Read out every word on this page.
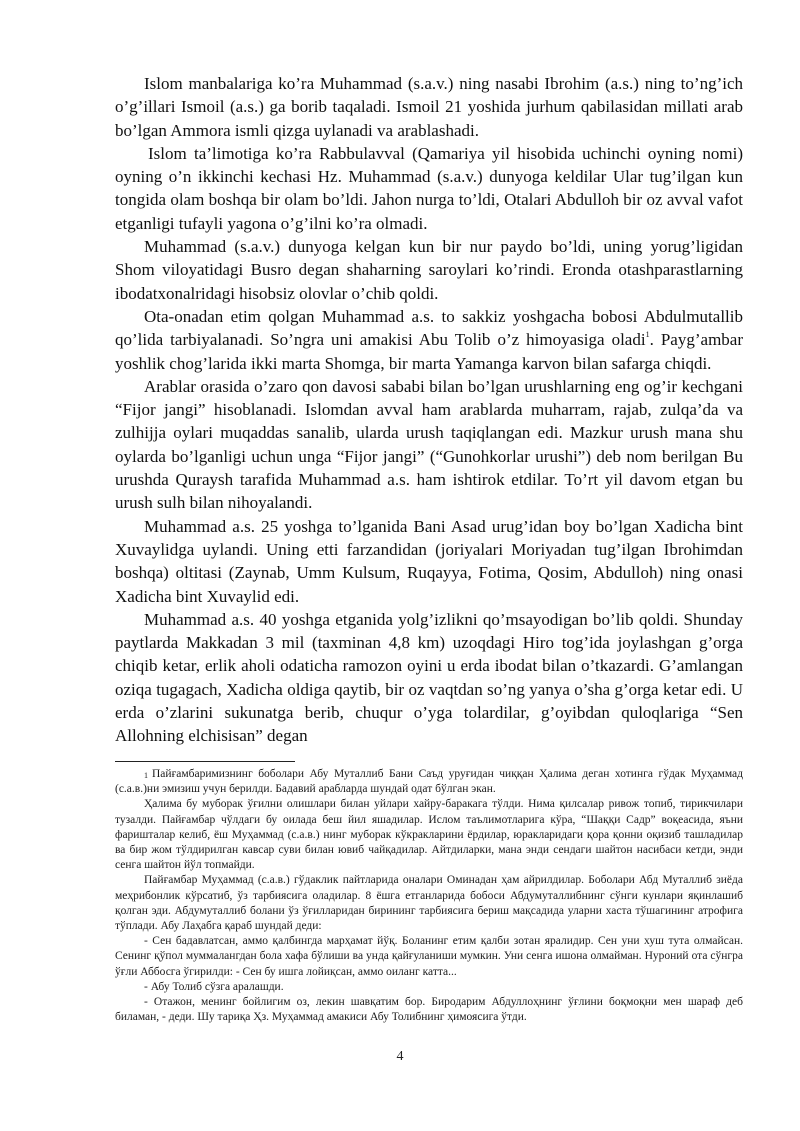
Islom manbalariga ko’ra Muhammad (s.a.v.) ning nasabi Ibrohim (a.s.) ning to’ng’ich o’g’illari Ismoil (a.s.) ga borib taqaladi. Ismoil 21 yoshida jurhum qabilasidan millati arab bo’lgan Ammora ismli qizga uylanadi va arablashadi.

Islom ta’limotiga ko’ra Rabbulavval (Qamariya yil hisobida uchinchi oyning nomi) oyning o’n ikkinchi kechasi Hz. Muhammad (s.a.v.) dunyoga keldilar Ular tug’ilgan kun tongida olam boshqa bir olam bo’ldi. Jahon nurga to’ldi, Otalari Abdulloh bir oz avval vafot etganligi tufayli yagona o’g’ilni ko’ra olmadi.

Muhammad (s.a.v.) dunyoga kelgan kun bir nur paydo bo’ldi, uning yorug’ligidan Shom viloyatidagi Busro degan shaharning saroylari ko’rindi. Eronda otashparastlarning ibodatxonalridagi hisobsiz olovlar o’chib qoldi.

Ota-onadan etim qolgan Muhammad a.s. to sakkiz yoshgacha bobosi Abdulmutallib qo’lida tarbiyalanadi. So’ngra uni amakisi Abu Tolib o’z himoyasiga oladi$^1$. Payg’ambar yoshlik chog’larida ikki marta Shomga, bir marta Yamanga karvon bilan safarga chiqdi.

Arablar orasida o’zaro qon davosi sababi bilan bo’lgan urushlarning eng og’ir kechgani “Fijor jangi” hisoblanadi. Islomdan avval ham arablarda muharram, rajab, zulqa’da va zulhijja oylari muqaddas sanalib, ularda urush taqiqlangan edi. Mazkur urush mana shu oylarda bo’lganligi uchun unga “Fijor jangi” (“Gunohkorlar urushi”) deb nom berilgan Bu urushda Quraysh tarafida Muhammad a.s. ham ishtirok etdilar. To’rt yil davom etgan bu urush sulh bilan nihoyalandi.

Muhammad a.s. 25 yoshga to’lganida Bani Asad urug’idan boy bo’lgan Xadicha bint Xuvaylidga uylandi. Uning etti farzandidan (joriyalari Moriyadan tug’ilgan Ibrohimdan boshqa) oltitasi (Zaynab, Umm Kulsum, Ruqayya, Fotima, Qosim, Abdulloh) ning onasi Xadicha bint Xuvaylid edi.

Muhammad a.s. 40 yoshga etganida yolg’izlikni qo’msayodigan bo’lib qoldi. Shunday paytlarda Makkadan 3 mil (taxminan 4,8 km) uzoqdagi Hiro tog’ida joylashgan g’orga chiqib ketar, erlik aholi odaticha ramozon oyini u erda ibodat bilan o’tkazardi. G’amlangan oziqa tugagach, Xadicha oldiga qaytib, bir oz vaqtdan so’ng yanya o’sha g’orga ketar edi. U erda o’zlarini sukunatga berib, chuqur o’yga tolardilar, g’oyibdan quloqlariga “Sen Allohning elchisisan” degan

$^1$ Пайғамбаримизнинг боболари Абу Муталлиб Бани Саъд уруғидан чиққан Ҳалима деган хотинга гўдак Муҳаммад (с.а.в.)ни эмизиш учун берилди. Бадавий арабларда шундай одат бўлган экан.

Ҳалима бу муборак ўғилни олишлари билан уйлари хайру-баракага тўлди. Нима қилсалар ривож топиб, тирикчилари тузалди. Пайғамбар чўлдаги бу оилада беш йил яшадилар. Ислом таълимотларига кўра, “Шаққи Садр” воқеасида, яъни фаришталар келиб, ёш Муҳаммад (с.а.в.) нинг муборак кўкракларини ёрдилар, юракларидаги қора қонни оқизиб ташладилар ва бир жом тўлдирилган кавсар суви билан ювиб чайқадилар. Айтдиларки, мана энди сендаги шайтон насибаси кетди, энди сенга шайтон йўл топмайди.

Пайғамбар Муҳаммад (с.а.в.) гўдаклик пайтларида оналари Оминадан ҳам айрилдилар. Боболари Абд Муталлиб зиёда меҳрибонлик кўрсатиб, ўз тарбиясига оладилар. 8 ёшга етганларида бобоси Абдумуталлибнинг сўнги кунлари яқинлашиб қолган эди. Абдумуталлиб болани ўз ўғилларидан бирининг тарбиясига бериш мақсадида уларни хаста тўшагининг атрофига тўплади. Абу Лаҳабга қараб шундай деди:

- Сен бадавлатсан, аммо қалбингда марҳамат йўқ. Боланинг етим қалби зотан яралидир. Сен уни хуш тута олмайсан. Сенинг қўпол муммалангдан бола хафа бўлиши ва унда қайғуланиши мумкин. Уни сенга ишона олмайман. Нуроний ота сўнгра ўғли Аббосга ўгирилди: - Сен бу ишга лойиқсан, аммо оиланг катта...

- Абу Толиб сўзга аралашди.

- Отажон, менинг бойлигим оз, лекин шавқатим бор. Биродарим Абдуллоҳнинг ўғлини боқмоқни мен шараф деб биламан, - деди. Шу тариқа Ҳз. Муҳаммад амакиси Абу Толибнинг ҳимоясига ўтди.

4
